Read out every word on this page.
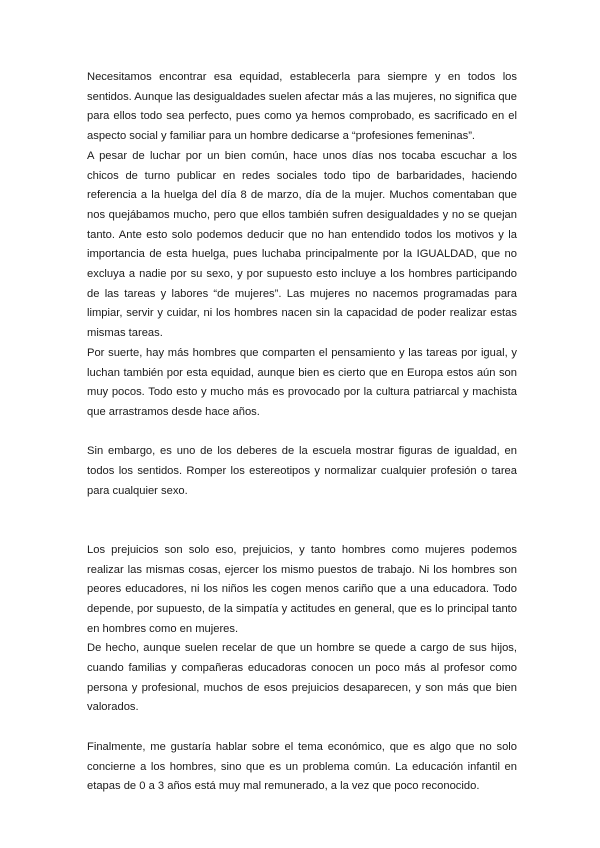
Necesitamos encontrar esa equidad, establecerla para siempre y en todos los sentidos. Aunque las desigualdades suelen afectar más a las mujeres, no significa que para ellos todo sea perfecto, pues como ya hemos comprobado, es sacrificado en el aspecto social y familiar para un hombre dedicarse a “profesiones femeninas”.

A pesar de luchar por un bien común, hace unos días nos tocaba escuchar a los chicos de turno publicar en redes sociales todo tipo de barbaridades, haciendo referencia a la huelga del día 8 de marzo, día de la mujer. Muchos comentaban que nos quejábamos mucho, pero que ellos también sufren desigualdades y no se quejan tanto. Ante esto solo podemos deducir que no han entendido todos los motivos y la importancia de esta huelga, pues luchaba principalmente por la IGUALDAD, que no excluya a nadie por su sexo, y por supuesto esto incluye a los hombres participando de las tareas y labores “de mujeres”. Las mujeres no nacemos programadas para limpiar, servir y cuidar, ni los hombres nacen sin la capacidad de poder realizar estas mismas tareas.

Por suerte, hay más hombres que comparten el pensamiento y las tareas por igual, y luchan también por esta equidad, aunque bien es cierto que en Europa estos aún son muy pocos. Todo esto y mucho más es provocado por la cultura patriarcal y machista que arrastramos desde hace años.

Sin embargo, es uno de los deberes de la escuela mostrar figuras de igualdad, en todos los sentidos. Romper los estereotipos y normalizar cualquier profesión o tarea para cualquier sexo.

Los prejuicios son solo eso, prejuicios, y tanto hombres como mujeres podemos realizar las mismas cosas, ejercer los mismo puestos de trabajo. Ni los hombres son peores educadores, ni los niños les cogen menos cariño que a una educadora. Todo depende, por supuesto, de la simpatía y actitudes en general, que es lo principal tanto en hombres como en mujeres.

De hecho, aunque suelen recelar de que un hombre se quede a cargo de sus hijos, cuando familias y compañeras educadoras conocen un poco más al profesor como persona y profesional, muchos de esos prejuicios desaparecen, y son más que bien valorados.

Finalmente, me gustaría hablar sobre el tema económico, que es algo que no solo concierne a los hombres, sino que es un problema común. La educación infantil en etapas de 0 a 3 años está muy mal remunerado, a la vez que poco reconocido.
